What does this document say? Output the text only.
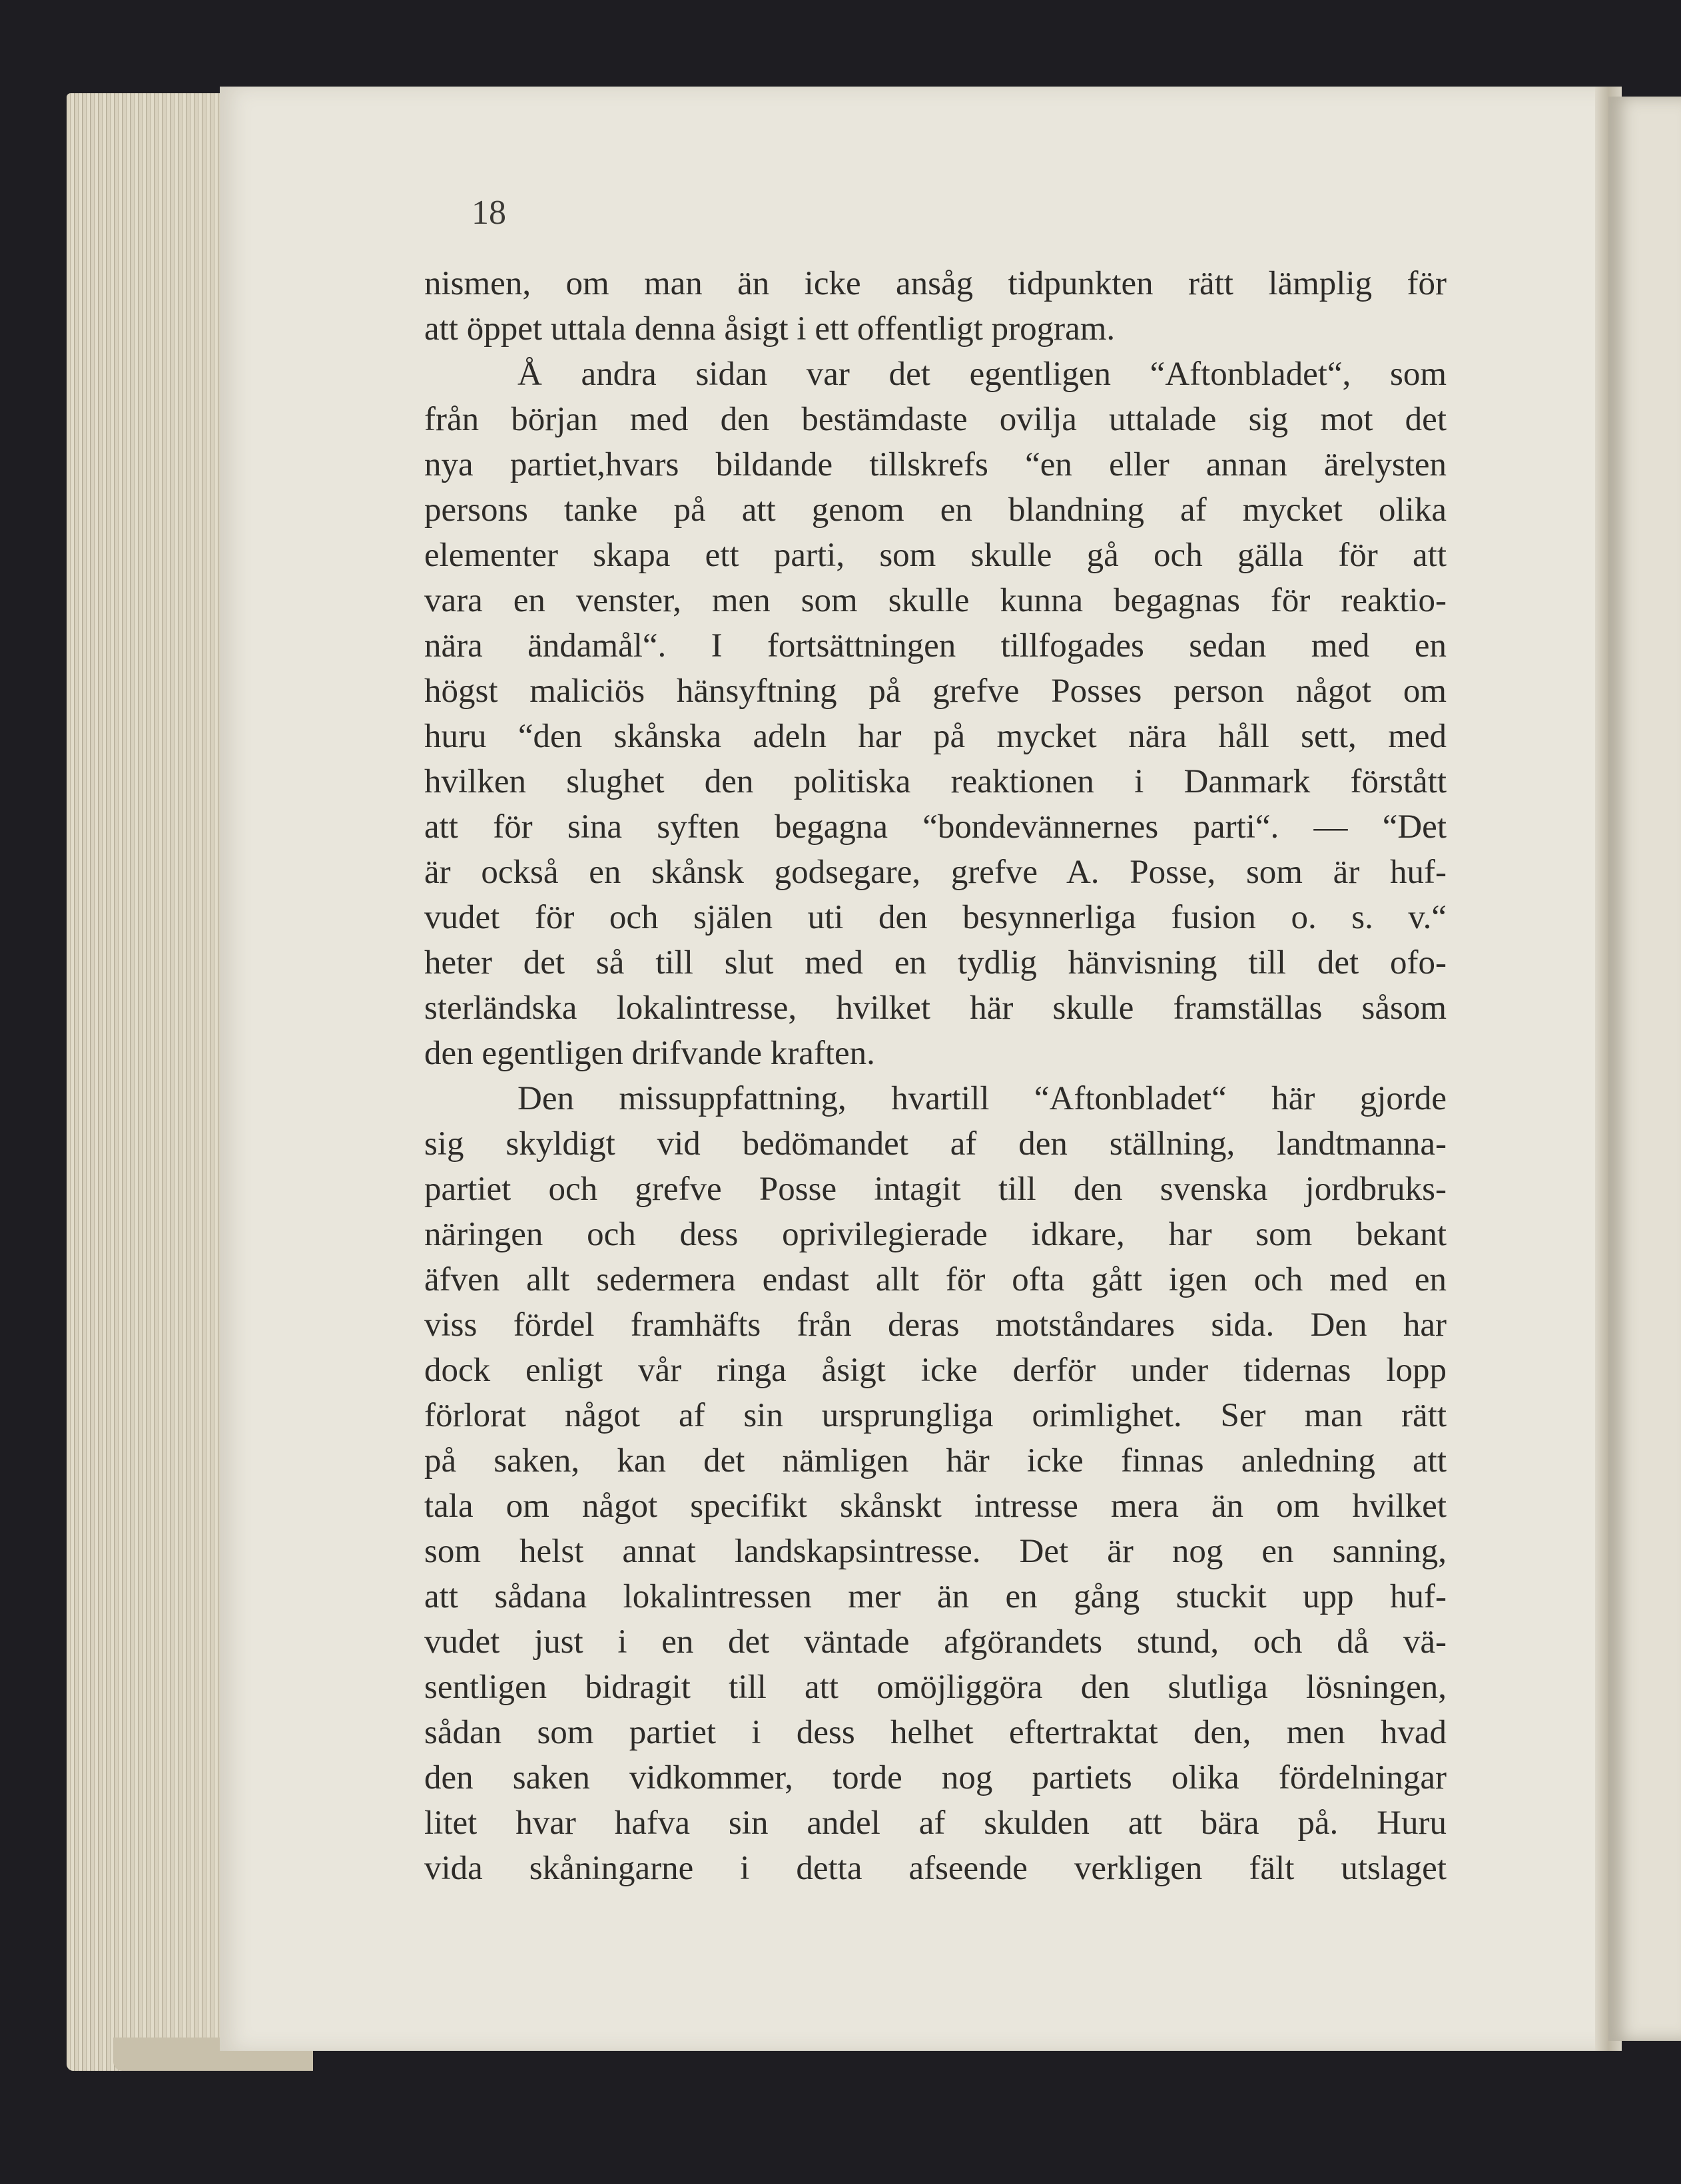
18
nismen, om man än icke ansåg tidpunkten rätt lämplig för
att öppet uttala denna åsigt i ett offentligt program.
Å andra sidan var det egentligen “Aftonbladet“, som
från början med den bestämdaste ovilja uttalade sig mot det
nya partiet,hvars bildande tillskrefs “en eller annan ärelysten
persons tanke på att genom en blandning af mycket olika
elementer skapa ett parti, som skulle gå och gälla för att
vara en venster, men som skulle kunna begagnas för reaktio-
nära ändamål“. I fortsättningen tillfogades sedan med en
högst maliciös hänsyftning på grefve Posses person något om
huru “den skånska adeln har på mycket nära håll sett, med
hvilken slughet den politiska reaktionen i Danmark förstått
att för sina syften begagna “bondevännernes parti“. — “Det
är också en skånsk godsegare, grefve A. Posse, som är huf-
vudet för och själen uti den besynnerliga fusion o. s. v.“
heter det så till slut med en tydlig hänvisning till det ofo-
sterländska lokalintresse, hvilket här skulle framställas såsom
den egentligen drifvande kraften.
Den missuppfattning, hvartill “Aftonbladet“ här gjorde
sig skyldigt vid bedömandet af den ställning, landtmanna-
partiet och grefve Posse intagit till den svenska jordbruks-
näringen och dess oprivilegierade idkare, har som bekant
äfven allt sedermera endast allt för ofta gått igen och med en
viss fördel framhäfts från deras motståndares sida. Den har
dock enligt vår ringa åsigt icke derför under tidernas lopp
förlorat något af sin ursprungliga orimlighet. Ser man rätt
på saken, kan det nämligen här icke finnas anledning att
tala om något specifikt skånskt intresse mera än om hvilket
som helst annat landskapsintresse. Det är nog en sanning,
att sådana lokalintressen mer än en gång stuckit upp huf-
vudet just i en det väntade afgörandets stund, och då vä-
sentligen bidragit till att omöjliggöra den slutliga lösningen,
sådan som partiet i dess helhet eftertraktat den, men hvad
den saken vidkommer, torde nog partiets olika fördelningar
litet hvar hafva sin andel af skulden att bära på. Huru
vida skåningarne i detta afseende verkligen fält utslaget
